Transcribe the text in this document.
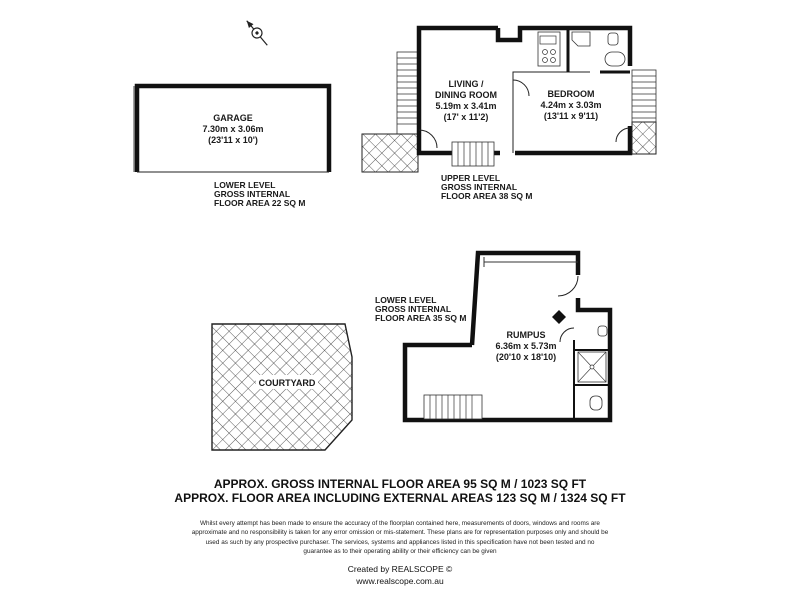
GARAGE
7.30m x 3.06m
(23'11 x 10')
LOWER LEVEL
GROSS INTERNAL
FLOOR AREA 22 SQ M
LIVING /
DINING ROOM
5.19m x 3.41m
(17' x 11'2)
BEDROOM
4.24m x 3.03m
(13'11 x 9'11)
UPPER LEVEL
GROSS INTERNAL
FLOOR AREA 38 SQ M
RUMPUS
6.36m x 5.73m
(20'10 x 18'10)
LOWER LEVEL
GROSS INTERNAL
FLOOR AREA 35 SQ M
COURTYARD
APPROX. GROSS INTERNAL FLOOR AREA 95 SQ M / 1023 SQ FT
APPROX. FLOOR AREA INCLUDING EXTERNAL AREAS 123 SQ M / 1324 SQ FT
Whilst every attempt has been made to ensure the accuracy of the floorplan contained here, measurements of doors, windows and rooms are
approximate and no responsibility is taken for any error omission or mis-statement. These plans are for representation purposes only and should be
used as such by any prospective purchaser. The services, systems and appliances listed in this specification have not been tested and no
guarantee as to their operating ability or their efficiency can be given
Created by REALSCOPE ©
www.realscope.com.au
